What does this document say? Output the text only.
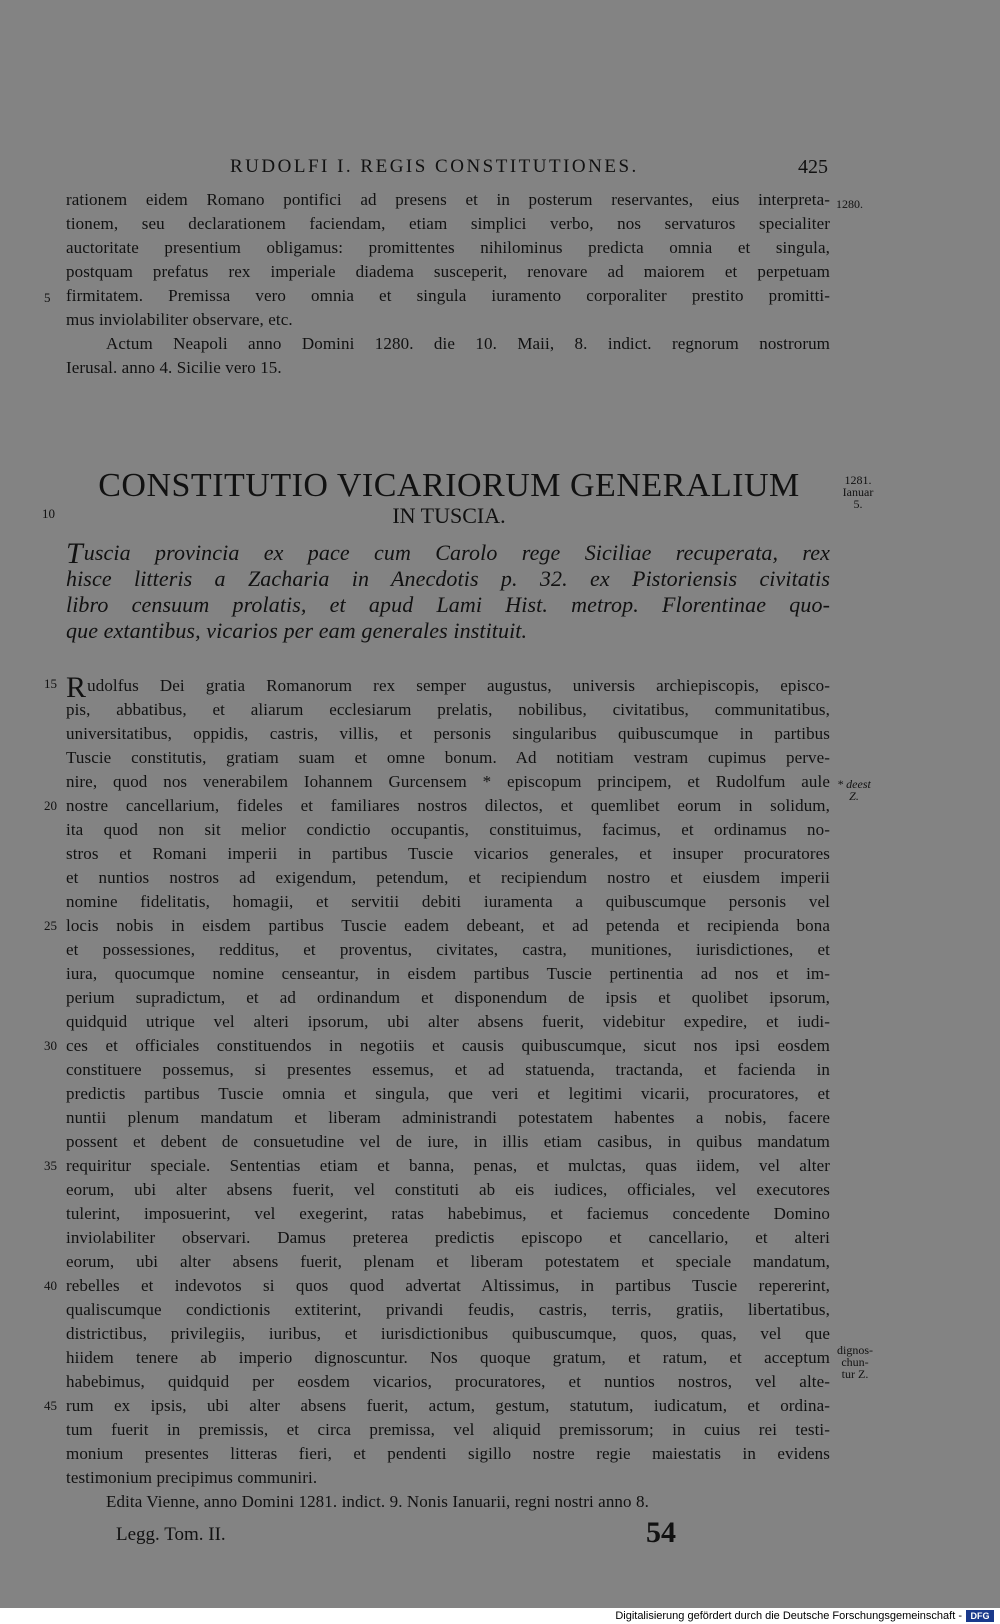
RUDOLFI I. REGIS CONSTITUTIONES.	425
rationem eidem Romano pontifici ad presens et in posterum reservantes, eius interpreta-
tionem, seu declarationem faciendam, etiam simplici verbo, nos servaturos specialiter
auctoritate presentium obligamus: promittentes nihilominus predicta omnia et singula,
postquam prefatus rex imperiale diadema susceperit, renovare ad maiorem et perpetuam
firmitatem. Premissa vero omnia et singula iuramento corporaliter prestito promitti-
mus inviolabiliter observare, etc.
Actum Neapoli anno Domini 1280. die 10. Maii, 8. indict. regnorum nostrorum
Ierusal. anno 4. Sicilie vero 15.
1280.
5
CONSTITUTIO VICARIORUM GENERALIUM
IN TUSCIA.
10
1281.
Ianuar
5.
T uscia provincia ex pace cum Carolo rege Siciliae recuperata, rex
hisce litteris a Zacharia in Anecdotis p. 32. ex Pistoriensis civitatis
libro censuum prolatis, et apud Lami Hist. metrop. Florentinae quo-
que extantibus, vicarios per eam generales instituit.
Rudolfus Dei gratia Romanorum rex semper augustus, universis archiepiscopis, episco-
pis, abbatibus, et aliarum ecclesiarum prelatis, nobilibus, civitatibus, communitatibus,
universitatibus, oppidis, castris, villis, et personis singularibus quibuscumque in partibus
Tuscie constitutis, gratiam suam et omne bonum. Ad notitiam vestram cupimus perve-
nire, quod nos venerabilem Iohannem Gurcensem * episcopum principem, et Rudolfum aule
nostre cancellarium, fideles et familiares nostros dilectos, et quemlibet eorum in solidum,
ita quod non sit melior condictio occupantis, constituimus, facimus, et ordinamus no-
stros et Romani imperii in partibus Tuscie vicarios generales, et insuper procuratores
et nuntios nostros ad exigendum, petendum, et recipiendum nostro et eiusdem imperii
nomine fidelitatis, homagii, et servitii debiti iuramenta a quibuscumque personis vel
locis nobis in eisdem partibus Tuscie eadem debeant, et ad petenda et recipienda bona
et possessiones, redditus, et proventus, civitates, castra, munitiones, iurisdictiones, et
iura, quocumque nomine censeantur, in eisdem partibus Tuscie pertinentia ad nos et im-
perium supradictum, et ad ordinandum et disponendum de ipsis et quolibet ipsorum,
quidquid utrique vel alteri ipsorum, ubi alter absens fuerit, videbitur expedire, et iudi-
ces et officiales constituendos in negotiis et causis quibuscumque, sicut nos ipsi eosdem
constituere possemus, si presentes essemus, et ad statuenda, tractanda, et facienda in
predictis partibus Tuscie omnia et singula, que veri et legitimi vicarii, procuratores, et
nuntii plenum mandatum et liberam administrandi potestatem habentes a nobis, facere
possent et debent de consuetudine vel de iure, in illis etiam casibus, in quibus mandatum
requiritur speciale. Sententias etiam et banna, penas, et mulctas, quas iidem, vel alter
eorum, ubi alter absens fuerit, vel constituti ab eis iudices, officiales, vel executores
tulerint, imposuerint, vel exegerint, ratas habebimus, et faciemus concedente Domino
inviolabiliter observari. Damus preterea predictis episcopo et cancellario, et alteri
eorum, ubi alter absens fuerit, plenam et liberam potestatem et speciale mandatum,
rebelles et indevotos si quos quod advertat Altissimus, in partibus Tuscie repererint,
qualiscumque condictionis extiterint, privandi feudis, castris, terris, gratiis, libertatibus,
districtibus, privilegiis, iuribus, et iurisdictionibus quibuscumque, quos, quas, vel que
hiidem tenere ab imperio dignoscuntur. Nos quoque gratum, et ratum, et acceptum
habebimus, quidquid per eosdem vicarios, procuratores, et nuntios nostros, vel alte-
rum ex ipsis, ubi alter absens fuerit, actum, gestum, statutum, iudicatum, et ordina-
tum fuerit in premissis, et circa premissa, vel aliquid premissorum; in cuius rei testi-
monium presentes litteras fieri, et pendenti sigillo nostre regie maiestatis in evidens
testimonium precipimus communiri.
Edita Vienne, anno Domini 1281. indict. 9. Nonis Ianuarii, regni nostri anno 8.
15
20
25
30
35
40
45
* deest
Z.
dignos-
chun-
tur Z.
Legg. Tom. II.	54
Digitalisierung gefördert durch die Deutsche Forschungsgemeinschaft - DFG
